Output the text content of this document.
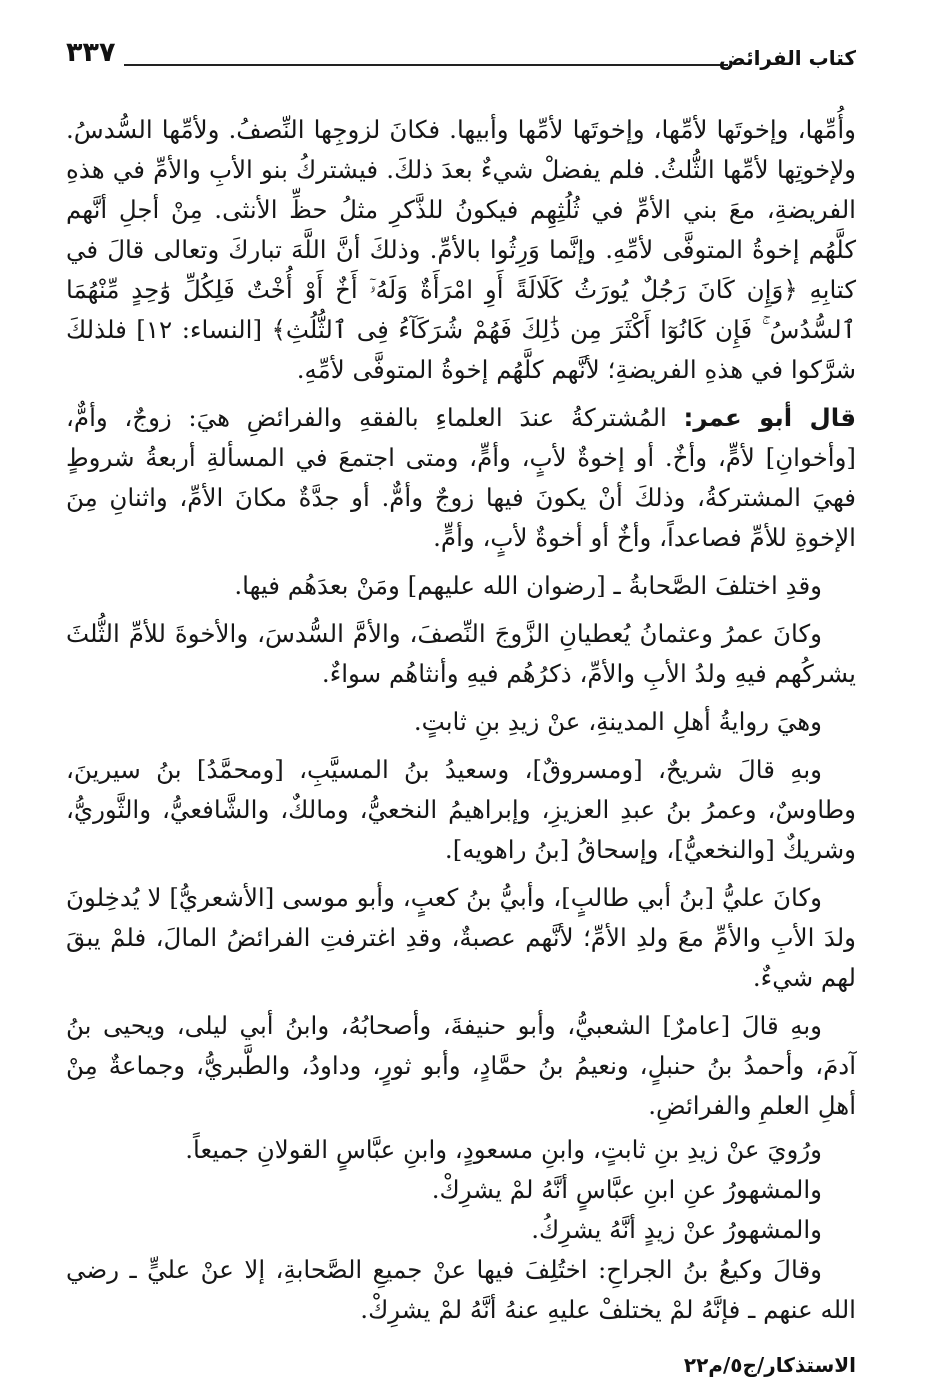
٣٣٧	كتاب الفرائض

وأُمِّها، وإخوتَها لأمِّها، وإخوتَها لأمِّها وأبيها. فكانَ لزوجِها النِّصفُ. ولأمِّها السُّدسُ. ولإخوتِها لأمِّها الثُّلثُ. فلم يفضلْ شيءٌ بعدَ ذلكَ. فيشتركُ بنو الأبِ والأمِّ في هذهِ الفريضةِ، معَ بني الأمِّ في ثُلُثِهِم فيكونُ للذَّكرِ مثلُ حظِّ الأنثى. مِنْ أجلِ أنَّهم كلَّهُم إخوةُ المتوفَّى لأمِّهِ. وإنَّما وَرِثُوا بالأمِّ. وذلكَ أنَّ اللَّهَ تباركَ وتعالى قالَ في كتابِهِ ﴿وَإِن كَانَ رَجُلٌ يُورَثُ كَلَالَةً أَوِ امْرَأَةٌ وَلَهُۥٓ أَخٌ أَوْ أُخْتٌ فَلِكُلِّ وَٰحِدٍ مِّنْهُمَا ٱلسُّدُسُ ۚ فَإِن كَانُوٓا أَكْثَرَ مِن ذَٰلِكَ فَهُمْ شُرَكَآءُ فِى ٱلثُّلُثِ﴾ [النساء: ١٢] فلذلكَ شرَّكوا في هذهِ الفريضةِ؛ لأنَّهم كلَّهُم إخوةُ المتوفَّى لأمِّهِ.

قال أبو عمر: المُشتركةُ عندَ العلماءِ بالفقهِ والفرائضِ هيَ: زوجٌ، وأمٌّ، [وأخوانِ] لأمٍّ، وأخٌ. أو إخوةٌ لأبٍ، وأمٍّ، ومتى اجتمعَ في المسألةِ أربعةُ شروطٍ فهيَ المشتركةُ، وذلكَ أنْ يكونَ فيها زوجٌ وأمٌّ. أو جدَّةٌ مكانَ الأمِّ، واثنانِ مِنَ الإخوةِ للأمِّ فصاعداً، وأخٌ أو أخوةٌ لأبٍ، وأمٍّ.

وقدِ اختلفَ الصَّحابةُ ـ [رضوان الله عليهم] ومَنْ بعدَهُم فيها.

وكانَ عمرُ وعثمانُ يُعطيانِ الزَّوجَ النِّصفَ، والأمَّ السُّدسَ، والأخوةَ للأمِّ الثُّلثَ يشركُهم فيهِ ولدُ الأبِ والأمِّ، ذكرُهُم فيهِ وأنثاهُم سواءٌ.

وهيَ روايةُ أهلِ المدينةِ، عنْ زيدِ بنِ ثابتٍ.

وبهِ قالَ شريحٌ، [ومسروقٌ]، وسعيدُ بنُ المسيَّبِ، [ومحمَّدُ] بنُ سيرينَ، وطاوسٌ، وعمرُ بنُ عبدِ العزيزِ، وإبراهيمُ النخعيُّ، ومالكٌ، والشَّافعيُّ، والثَّوريُّ، وشريكٌ [والنخعيُّ]، وإسحاقُ [بنُ راهويه].

وكانَ عليُّ [بنُ أبي طالبٍ]، وأبيُّ بنُ كعبٍ، وأبو موسى [الأشعريُّ] لا يُدخِلونَ ولدَ الأبِ والأمِّ معَ ولدِ الأمِّ؛ لأنَّهم عصبةٌ، وقدِ اغترفتِ الفرائضُ المالَ، فلمْ يبقَ لهم شيءٌ.

وبهِ قالَ [عامرٌ] الشعبيُّ، وأبو حنيفةَ، وأصحابُهُ، وابنُ أبي ليلى، ويحيى بنُ آدمَ، وأحمدُ بنُ حنبلٍ، ونعيمُ بنُ حمَّادٍ، وأبو ثورٍ، وداودُ، والطَّبريُّ، وجماعةٌ مِنْ أهلِ العلمِ والفرائضِ.

ورُويَ عنْ زيدِ بنِ ثابتٍ، وابنِ مسعودٍ، وابنِ عبَّاسٍ القولانِ جميعاً.

والمشهورُ عنِ ابنِ عبَّاسٍ أنَّهُ لمْ يشرِكْ.

والمشهورُ عنْ زيدٍ أنَّهُ يشرِكُ.

وقالَ وكيعُ بنُ الجراحِ: اختُلِفَ فيها عنْ جميعِ الصَّحابةِ، إلا عنْ عليٍّ ـ رضي الله عنهم ـ فإنَّهُ لمْ يختلفْ عليهِ عنهُ أنَّهُ لمْ يشرِكْ.

الاستذكار/ج٥/م٢٢
